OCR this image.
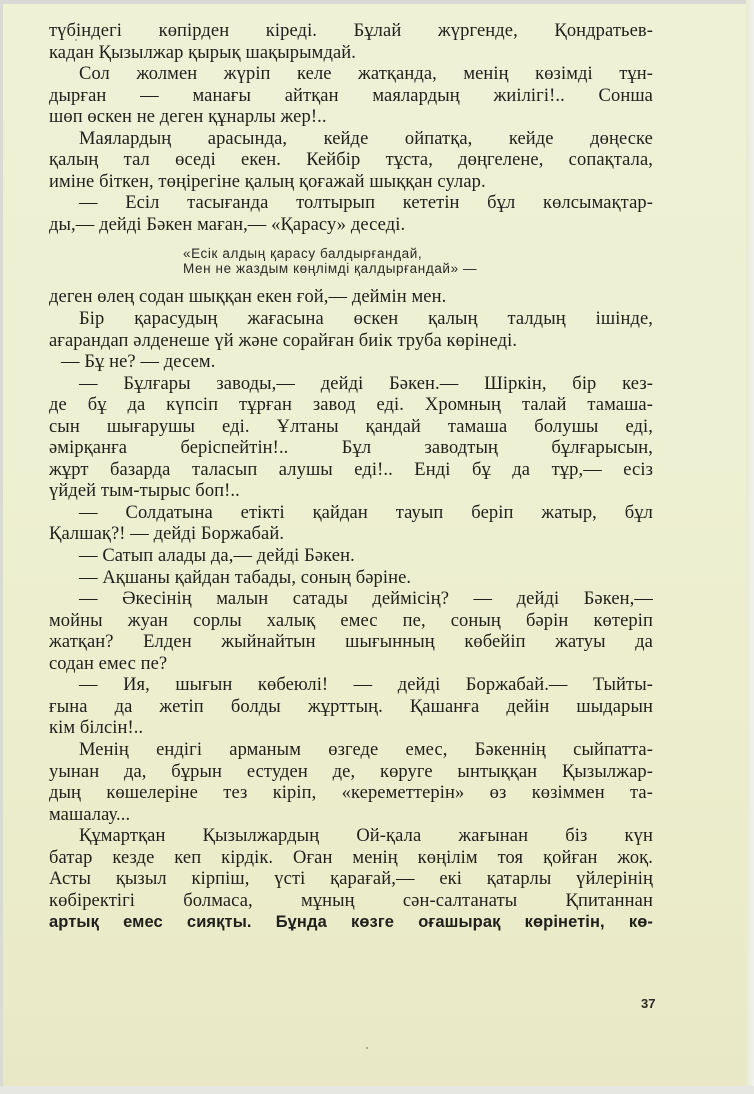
түбіндегі көпірден кіреді. Бұлай жүргенде, Қондратьев-
кадан Қызылжар қырық шақырымдай.
Сол жолмен жүріп келе жатқанда, менің көзімді тұн-
дырған — манағы айтқан маялардың жиілігі!.. Сонша
шөп өскен не деген құнарлы жер!..
Маялардың арасында, кейде ойпатқа, кейде дөңеске
қалың тал өседі екен. Кейбір тұста, дөңгелене, сопақтала,
иміне біткен, төңірегіне қалың қоғажай шыққан сулар.
— Есіл тасығанда толтырып кететін бұл көлсымақтар-
ды,— дейді Бәкен маған,— «Қарасу» деседі.
«Есік алдың қарасу балдырғандай,
Мен не жаздым көңлімді қалдырғандай» —
деген өлең содан шыққан екен ғой,— деймін мен.
Бір қарасудың жағасына өскен қалың талдың ішінде,
ағарандап әлденеше үй және сорайған биік труба көрінеді.
— Бұ не? — десем.
— Бұлғары заводы,— дейді Бәкен.— Шіркін, бір кез-
де бұ да күпсіп тұрған завод еді. Хромның талай тамаша-
сын шығарушы еді. Ұлтаны қандай тамаша болушы еді,
әмірқанға беріспейтін!.. Бұл заводтың бұлғарысын,
жұрт базарда таласып алушы еді!.. Енді бұ да тұр,— есіз
үйдей тым-тырыс боп!..
— Солдатына етікті қайдан тауып беріп жатыр, бұл
Қалшақ?! — дейді Боржабай.
— Сатып алады да,— дейді Бәкен.
— Ақшаны қайдан табады, соның бәріне.
— Әкесінің малын сатады деймісің? — дейді Бәкен,—
мойны жуан сорлы халық емес пе, соның бәрін көтеріп
жатқан? Елден жыйнайтын шығынның көбейіп жатуы да
содан емес пе?
— Ия, шығын көбеюлі! — дейді Боржабай.— Тыйты-
ғына да жетіп болды жұрттың. Қашанға дейін шыдарын
кім білсін!..
Менің ендігі арманым өзгеде емес, Бәкеннің сыйпатта-
уынан да, бұрын естуден де, көруге ынтыққан Қызылжар-
дың көшелеріне тез кіріп, «кереметтерін» өз көзіммен та-
машалау...
Құмартқан Қызылжардың Ой-қала жағынан біз күн
батар кезде кеп кірдік. Оған менің көңілім тоя қойған жоқ.
Асты қызыл кірпіш, үсті қарағай,— екі қатарлы үйлерінің
көбіректігі болмаса, мұның сән-салтанаты Қпитаннан
артық емес сияқты. Бұнда көзге оғашырақ көрінетін, кө-
37
